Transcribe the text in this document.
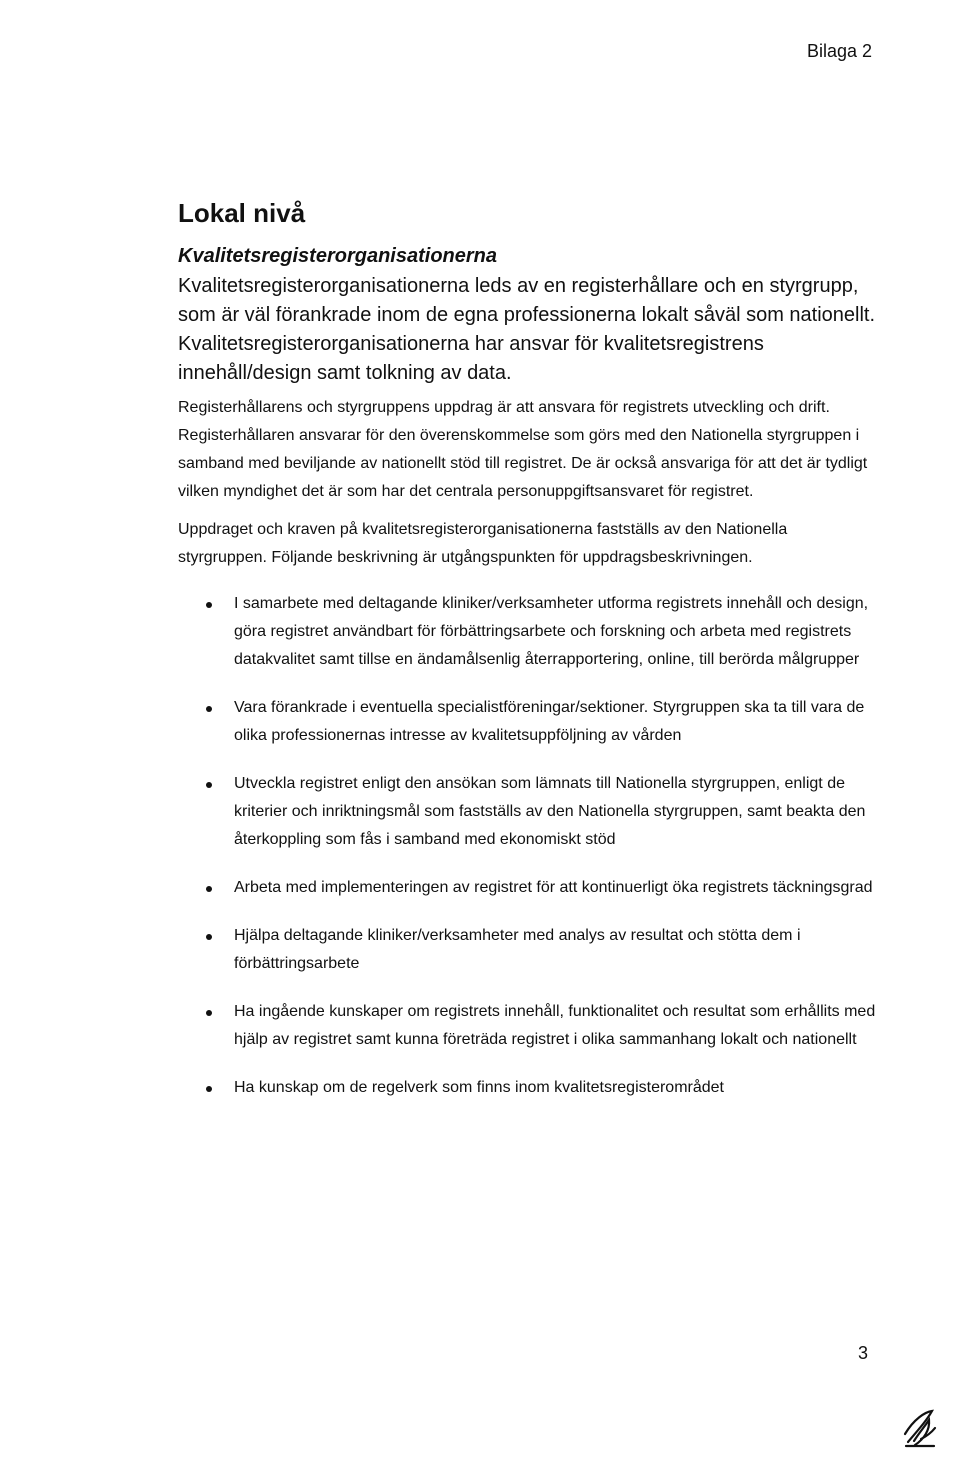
Bilaga 2
Lokal nivå
Kvalitetsregisterorganisationerna

Kvalitetsregisterorganisationerna leds av en registerhållare och en styrgrupp, som är väl förankrade inom de egna professionerna lokalt såväl som nationellt. Kvalitetsregisterorganisationerna har ansvar för kvalitetsregistrens innehåll/design samt tolkning av data.

Registerhållarens och styrgruppens uppdrag är att ansvara för registrets utveckling och drift. Registerhållaren ansvarar för den överenskommelse som görs med den Nationella styrgruppen i samband med beviljande av nationellt stöd till registret. De är också ansvariga för att det är tydligt vilken myndighet det är som har det centrala personuppgiftsansvaret för registret.

Uppdraget och kraven på kvalitetsregisterorganisationerna fastställs av den Nationella styrgruppen. Följande beskrivning är utgångspunkten för uppdragsbeskrivningen.

I samarbete med deltagande kliniker/verksamheter utforma registrets innehåll och design, göra registret användbart för förbättringsarbete och forskning och arbeta med registrets datakvalitet samt tillse en ändamålsenlig återrapportering, online, till berörda målgrupper
Vara förankrade i eventuella specialistföreningar/sektioner. Styrgruppen ska ta till vara de olika professionernas intresse av kvalitetsuppföljning av vården
Utveckla registret enligt den ansökan som lämnats till Nationella styrgruppen, enligt de kriterier och inriktningsmål som fastställs av den Nationella styrgruppen, samt beakta den återkoppling som fås i samband med ekonomiskt stöd
Arbeta med implementeringen av registret för att kontinuerligt öka registrets täckningsgrad
Hjälpa deltagande kliniker/verksamheter med analys av resultat och stötta dem i förbättringsarbete
Ha ingående kunskaper om registrets innehåll, funktionalitet och resultat som erhållits med hjälp av registret samt kunna företräda registret i olika sammanhang lokalt och nationellt
Ha kunskap om de regelverk som finns inom kvalitetsregisterområdet
3
